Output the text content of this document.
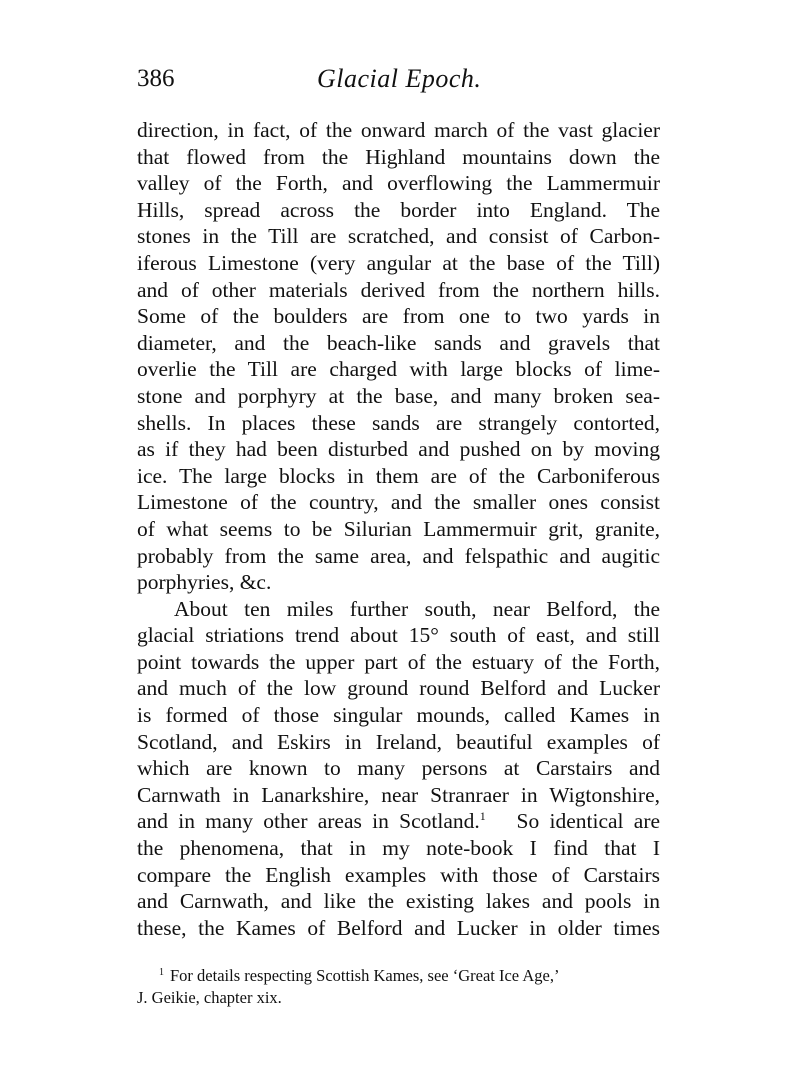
386	Glacial Epoch.
direction, in fact, of the onward march of the vast glacier
that flowed from the Highland mountains down the
valley of the Forth, and overflowing the Lammermuir
Hills, spread across the border into England. The
stones in the Till are scratched, and consist of Carbon-
iferous Limestone (very angular at the base of the Till)
and of other materials derived from the northern hills.
Some of the boulders are from one to two yards in
diameter, and the beach-like sands and gravels that
overlie the Till are charged with large blocks of lime-
stone and porphyry at the base, and many broken sea-
shells. In places these sands are strangely contorted,
as if they had been disturbed and pushed on by moving
ice. The large blocks in them are of the Carboniferous
Limestone of the country, and the smaller ones consist
of what seems to be Silurian Lammermuir grit, granite,
probably from the same area, and felspathic and augitic
porphyries, &c.
About ten miles further south, near Belford, the
glacial striations trend about 15° south of east, and still
point towards the upper part of the estuary of the Forth,
and much of the low ground round Belford and Lucker
is formed of those singular mounds, called Kames in
Scotland, and Eskirs in Ireland, beautiful examples of
which are known to many persons at Carstairs and
Carnwath in Lanarkshire, near Stranraer in Wigtonshire,
and in many other areas in Scotland.$^1$ So identical are
the phenomena, that in my note-book I find that I
compare the English examples with those of Carstairs
and Carnwath, and like the existing lakes and pools in
these, the Kames of Belford and Lucker in older times
$^1$ For details respecting Scottish Kames, see ‘Great Ice Age,’
J. Geikie, chapter xix.
